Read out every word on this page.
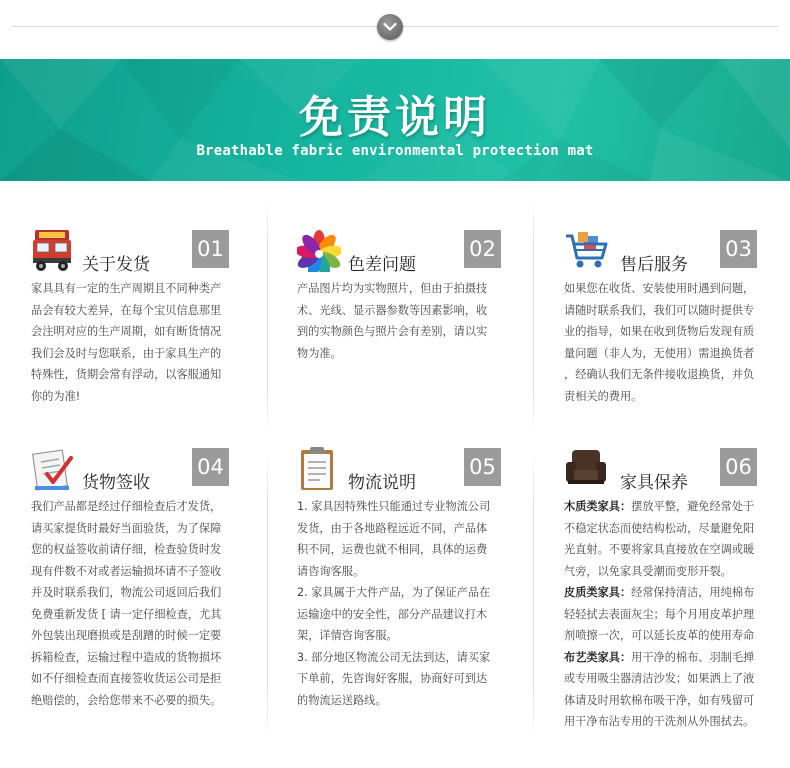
免责说明
Breathable fabric environmental protection mat
关于发货
01

家具具有一定的生产周期且不同种类产

品会有较大差异，在每个宝贝信息那里

会注明对应的生产周期，如有断货情况

我们会及时与您联系，由于家具生产的

特殊性，货期会常有浮动，以客服通知

你的为准!

色差问题
02

产品图片均为实物照片，但由于拍摄技

术、光线、显示器参数等因素影响，收

到的实物颜色与照片会有差别，请以实

物为准。

售后服务
03

如果您在收货、安装使用时遇到问题，

请随时联系我们，我们可以随时提供专

业的指导，如果在收到货物后发现有质

量问题（非人为，无使用）需退换货者

，经确认我们无条件接收退换货，并负

责相关的费用。

货物签收
04

我们产品都是经过仔细检查后才发货，

请买家提货时最好当面验货，为了保障

您的权益签收前请仔细，检查验货时发

现有件数不对或者运输损坏请不子签收

并及时联系我们，物流公司返回后我们

免费重新发货 [ 请一定仔细检查，尤其

外包装出现磨损或是刮蹭的时候一定要

拆箱检查，运输过程中造成的货物损坏

如不仔细检查而直接签收货运公司是拒

绝赔偿的，会给您带来不必要的损失。

物流说明
05

1. 家具因特殊性只能通过专业物流公司

发货，由于各地路程远近不同，产品体

积不同，运费也就不相同，具体的运费

请咨询客服。

2. 家具属于大件产品，为了保证产品在

运输途中的安全性，部分产品建议打木

架，详情咨询客服。

3. 部分地区物流公司无法到达，请买家

下单前，先咨询好客服，协商好可到达

的物流运送路线。

家具保养
06

木质类家具：摆放平整，避免经常处于

不稳定状态而使结构松动，尽量避免阳

光直射。不要将家具直接放在空调或暖

气旁，以免家具受潮而变形开裂。

皮质类家具：经常保持清洁，用纯棉布

轻轻拭去表面灰尘；每个月用皮革护理

剂喷擦一次，可以延长皮革的使用寿命

布艺类家具：用干净的棉布、羽制毛掸

或专用吸尘器清洁沙发；如果洒上了液

体请及时用软棉布吸干净，如有残留可

用干净布沾专用的干洗剂从外围拭去。
